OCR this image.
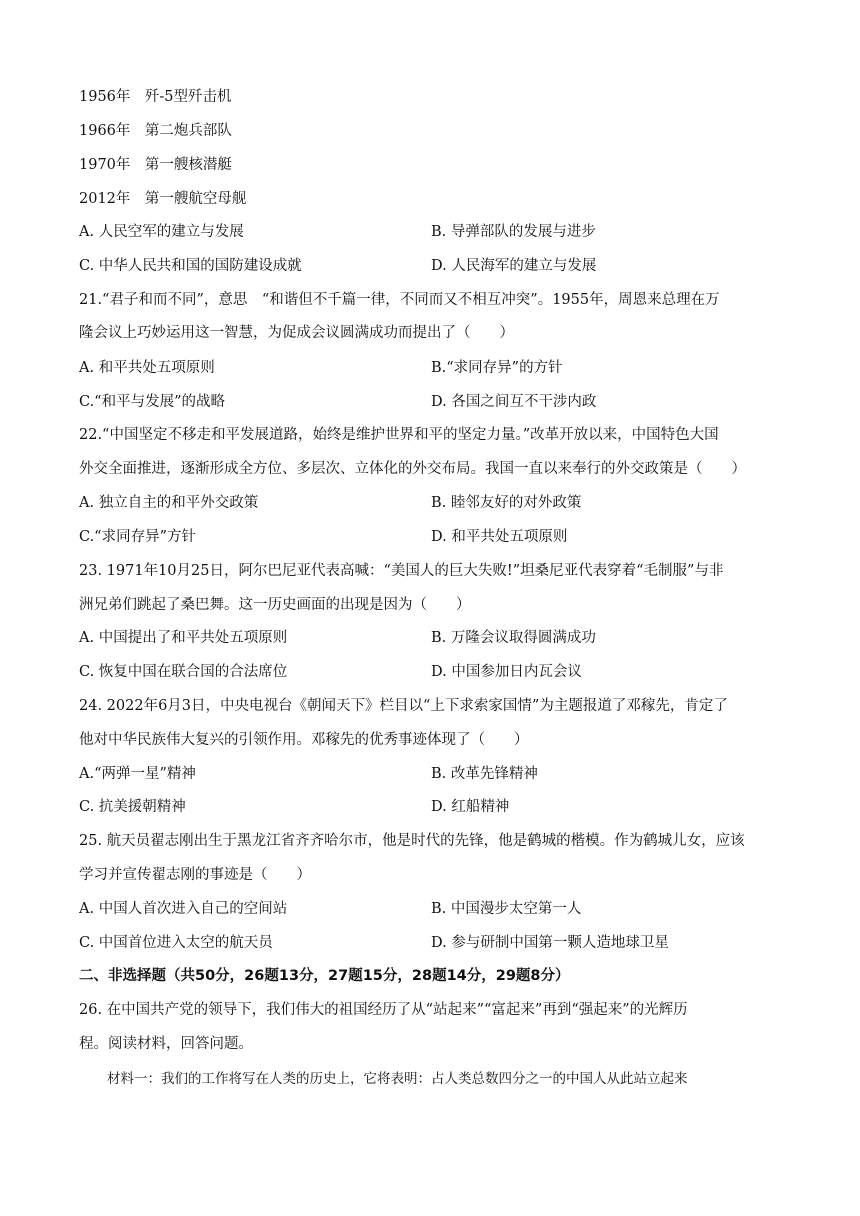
1956年　歼-5型歼击机
1966年　第二炮兵部队
1970年　第一艘核潜艇
2012年　第一艘航空母舰
A. 人民空军的建立与发展	B. 导弹部队的发展与进步
C. 中华人民共和国的国防建设成就	D. 人民海军的建立与发展
21.“君子和而不同”，意思　“和谐但不千篇一律，不同而又不相互冲突”。1955年，周恩来总理在万
隆会议上巧妙运用这一智慧，为促成会议圆满成功而提出了（　　）
A. 和平共处五项原则	B.“求同存异”的方针
C.“和平与发展”的战略	D. 各国之间互不干涉内政
22.“中国坚定不移走和平发展道路，始终是维护世界和平的坚定力量。”改革开放以来，中国特色大国
外交全面推进，逐渐形成全方位、多层次、立体化的外交布局。我国一直以来奉行的外交政策是（　　）
A. 独立自主的和平外交政策	B. 睦邻友好的对外政策
C.“求同存异”方针	D. 和平共处五项原则
23. 1971年10月25日，阿尔巴尼亚代表高喊：“美国人的巨大失败!”坦桑尼亚代表穿着“毛制服”与非
洲兄弟们跳起了桑巴舞。这一历史画面的出现是因为（　　）
A. 中国提出了和平共处五项原则	B. 万隆会议取得圆满成功
C. 恢复中国在联合国的合法席位	D. 中国参加日内瓦会议
24. 2022年6月3日，中央电视台《朝闻天下》栏目以“上下求索家国情”为主题报道了邓稼先，肯定了
他对中华民族伟大复兴的引领作用。邓稼先的优秀事迹体现了（　　）
A.“两弹一星”精神	B. 改革先锋精神
C. 抗美援朝精神	D. 红船精神
25. 航天员翟志刚出生于黑龙江省齐齐哈尔市，他是时代的先锋，他是鹤城的楷模。作为鹤城儿女，应该
学习并宣传翟志刚的事迹是（　　）
A. 中国人首次进入自己的空间站	B. 中国漫步太空第一人
C. 中国首位进入太空的航天员	D. 参与研制中国第一颗人造地球卫星
二、非选择题（共50分，26题13分，27题15分，28题14分，29题8分）
26. 在中国共产党的领导下，我们伟大的祖国经历了从“站起来”“富起来”再到“强起来”的光辉历
程。阅读材料，回答问题。
材料一：我们的工作将写在人类的历史上，它将表明：占人类总数四分之一的中国人从此站立起来
